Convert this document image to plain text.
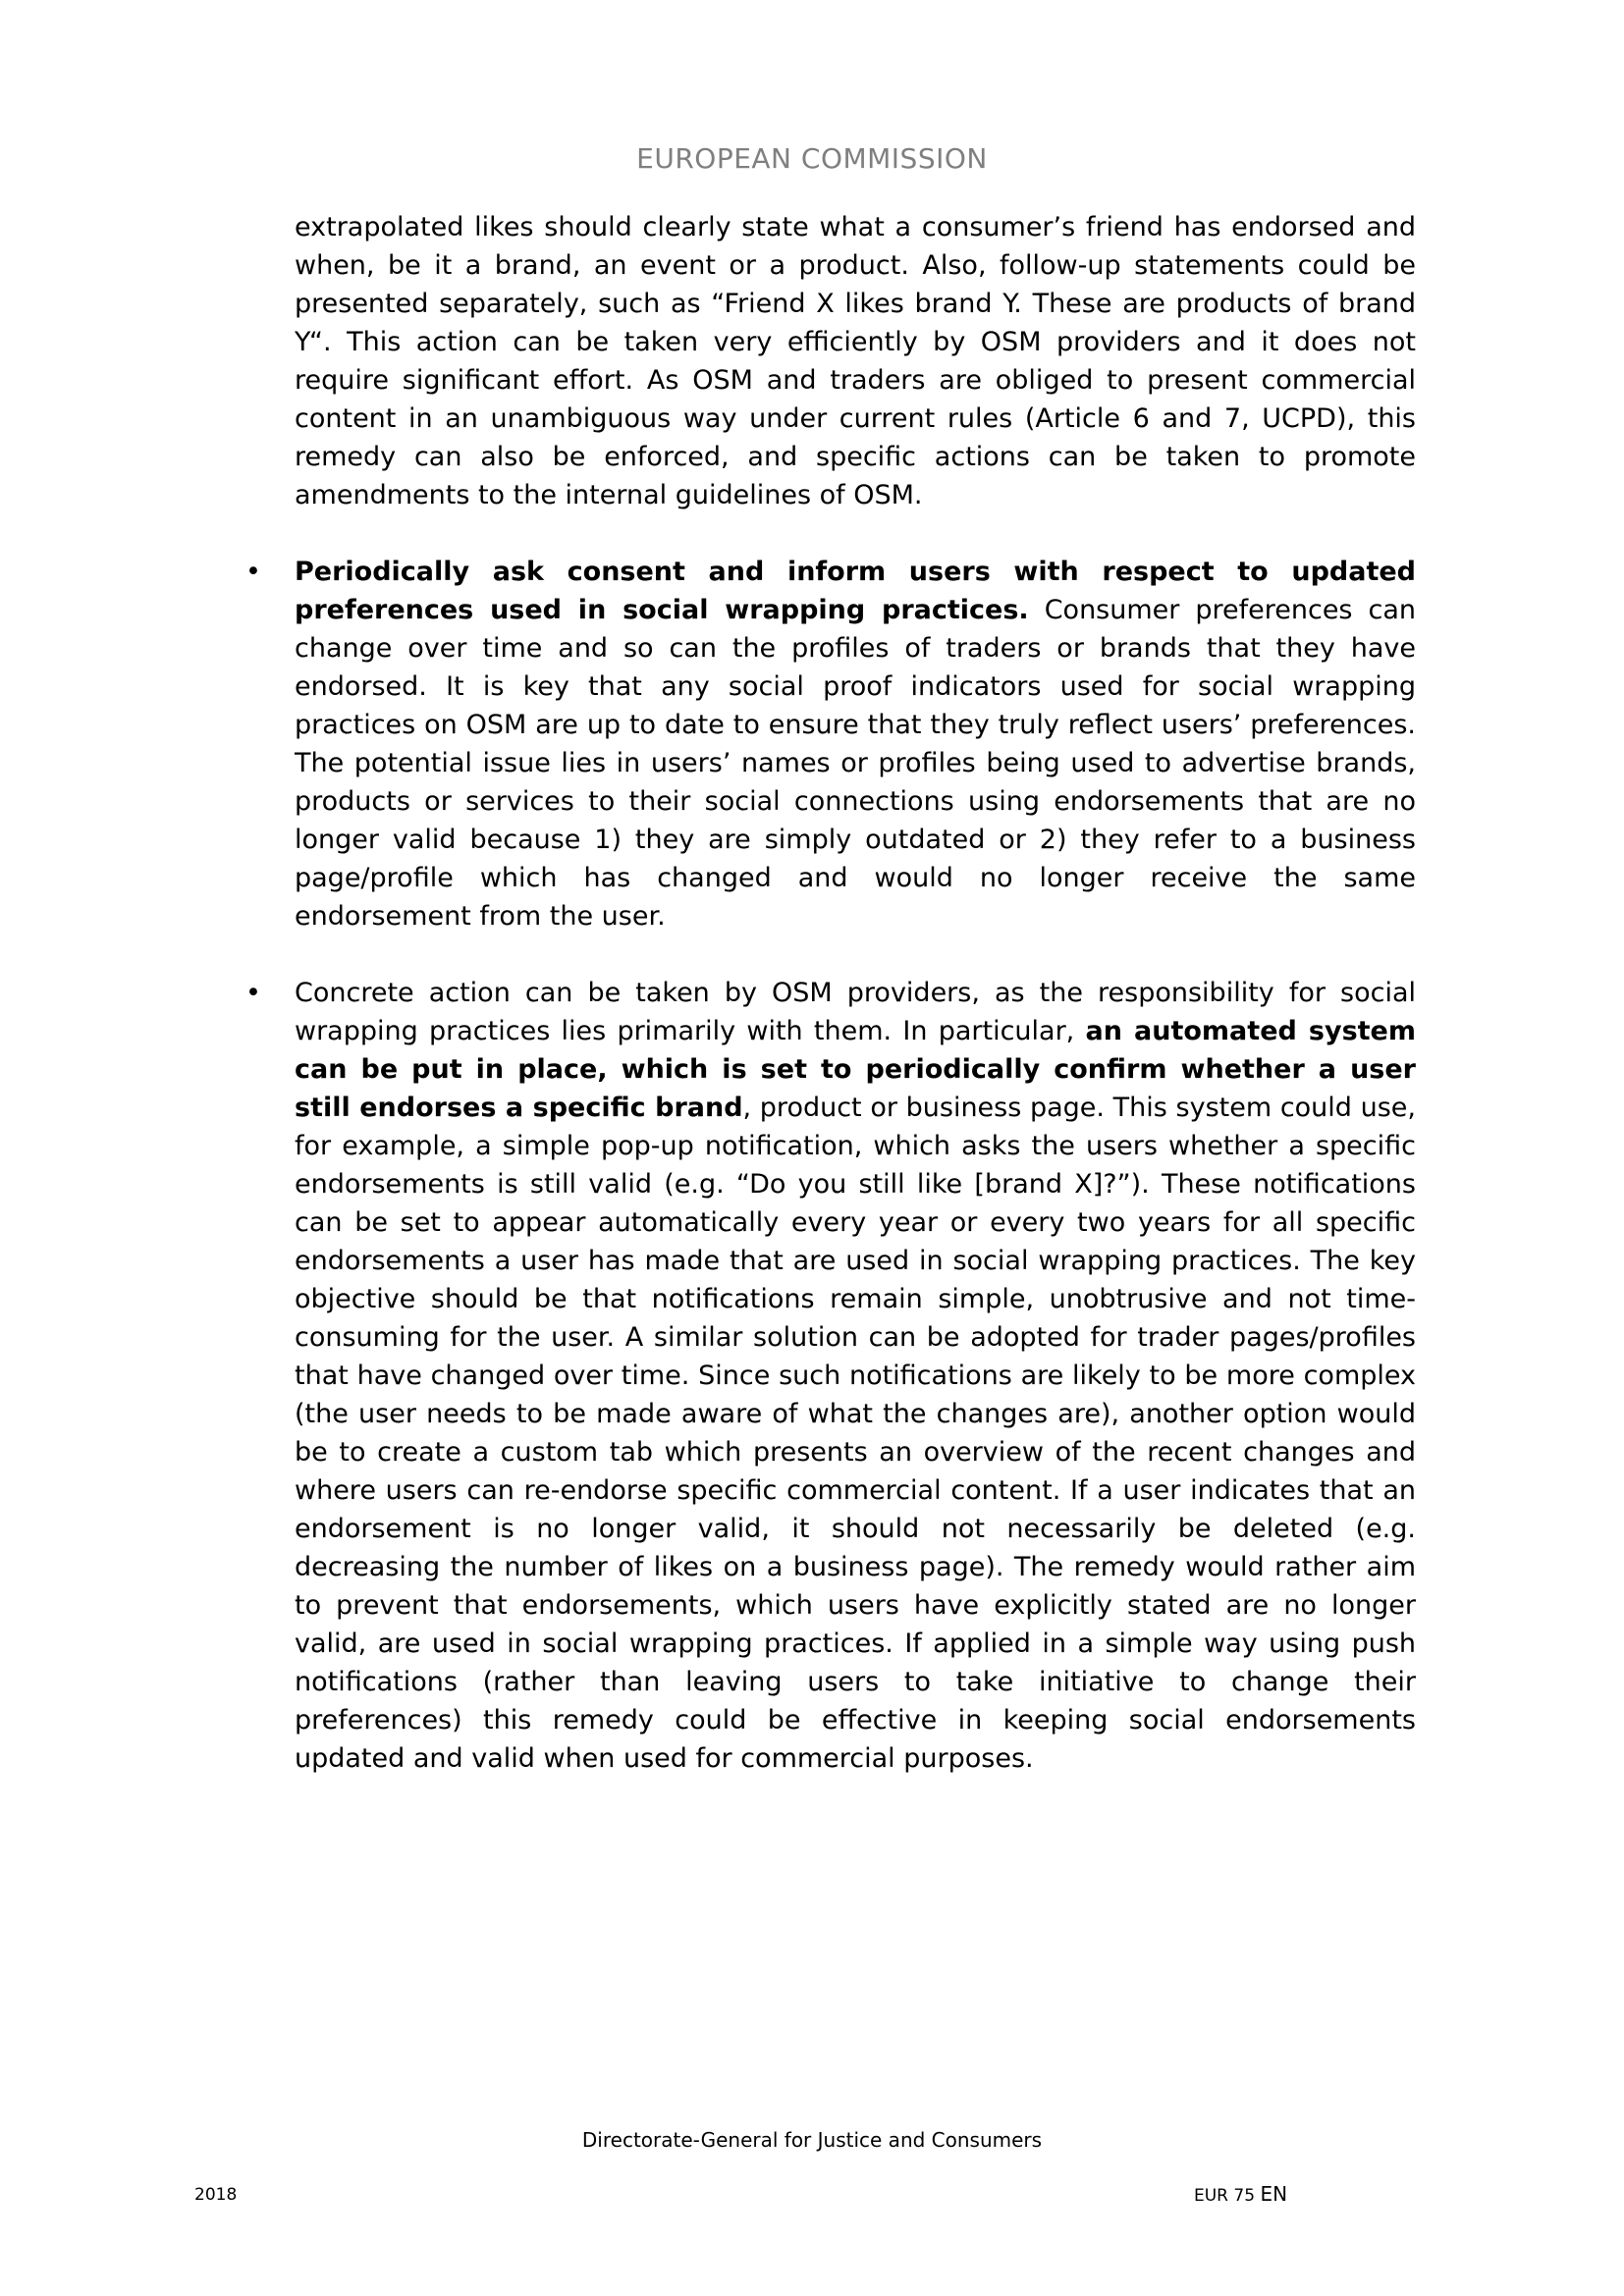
EUROPEAN COMMISSION

extrapolated likes should clearly state what a consumer’s friend has endorsed and when, be it a brand, an event or a product. Also, follow-up statements could be presented separately, such as “Friend X likes brand Y. These are products of brand Y“. This action can be taken very efficiently by OSM providers and it does not require significant effort. As OSM and traders are obliged to present commercial content in an unambiguous way under current rules (Article 6 and 7, UCPD), this remedy can also be enforced, and specific actions can be taken to promote amendments to the internal guidelines of OSM.

• Periodically ask consent and inform users with respect to updated preferences used in social wrapping practices. Consumer preferences can change over time and so can the profiles of traders or brands that they have endorsed. It is key that any social proof indicators used for social wrapping practices on OSM are up to date to ensure that they truly reflect users’ preferences. The potential issue lies in users’ names or profiles being used to advertise brands, products or services to their social connections using endorsements that are no longer valid because 1) they are simply outdated or 2) they refer to a business page/profile which has changed and would no longer receive the same endorsement from the user.

• Concrete action can be taken by OSM providers, as the responsibility for social wrapping practices lies primarily with them. In particular, an automated system can be put in place, which is set to periodically confirm whether a user still endorses a specific brand, product or business page. This system could use, for example, a simple pop-up notification, which asks the users whether a specific endorsements is still valid (e.g. “Do you still like [brand X]?”). These notifications can be set to appear automatically every year or every two years for all specific endorsements a user has made that are used in social wrapping practices. The key objective should be that notifications remain simple, unobtrusive and not time-consuming for the user. A similar solution can be adopted for trader pages/profiles that have changed over time. Since such notifications are likely to be more complex (the user needs to be made aware of what the changes are), another option would be to create a custom tab which presents an overview of the recent changes and where users can re-endorse specific commercial content. If a user indicates that an endorsement is no longer valid, it should not necessarily be deleted (e.g. decreasing the number of likes on a business page). The remedy would rather aim to prevent that endorsements, which users have explicitly stated are no longer valid, are used in social wrapping practices. If applied in a simple way using push notifications (rather than leaving users to take initiative to change their preferences) this remedy could be effective in keeping social endorsements updated and valid when used for commercial purposes.

Directorate-General for Justice and Consumers
2018	EUR 75 EN
